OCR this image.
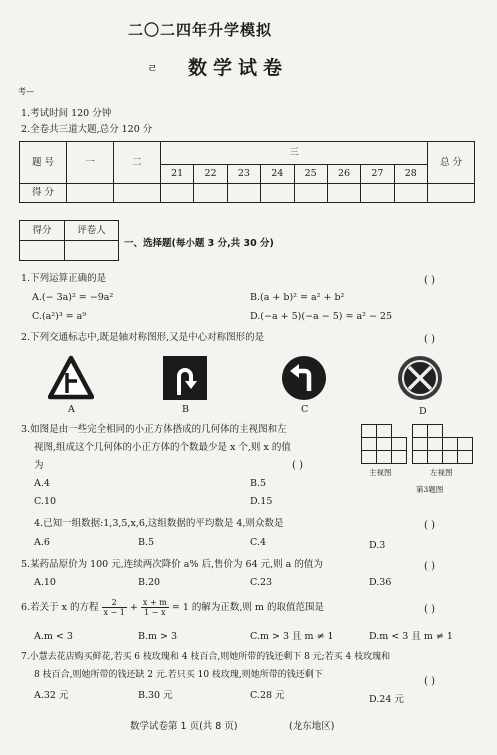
二〇二四年升学模拟
ㄹ 数学试卷
考—
1.考试时间 120 分钟
2.全卷共三道大题,总分 120 分
题 号	一	二	三								总 分
			21	22	23	24	25	26	27	28	
得 分											
得分	评卷人

一、选择题(每小题 3 分,共 30 分)
1.下列运算正确的是	( )
A.(− 3a)² = −9a²	B.(a + b)² = a² + b²
C.(a²)³ = a⁹	D.(−a + 5)(−a − 5) = a² − 25
2.下列交通标志中,既是轴对称图形,又是中心对称图形的是	( )
A	B	C	D
3.如图是由一些完全相同的小正方体搭成的几何体的主视图和左
视图,组成这个几何体的小正方体的个数最少是 x 个,则 x 的值
为	( )
A.4	B.5
C.10	D.15
主视图	左视图
第3题图
4.已知一组数据:1,3,5,x,6,这组数据的平均数是 4,则众数是	( )
A.6	B.5	C.4	D.3
5.某药品原价为 100 元,连续两次降价 a% 后,售价为 64 元,则 a 的值为	( )
A.10	B.20	C.23	D.36
6.若关于 x 的方程 $\frac{2}{x - 1} + \frac{x + m}{1 - x} = 1$ 的解为正数,则 m 的取值范围是	( )
A.m < 3	B.m > 3	C.m > 3 且 m ≠ 1	D.m < 3 且 m ≠ 1
7.小慧去花店购买鲜花,若买 6 枝玫瑰和 4 枝百合,则她所带的钱还剩下 8 元;若买 4 枝玫瑰和
8 枝百合,则她所带的钱还缺 2 元.若只买 10 枝玫瑰,则她所带的钱还剩下
( )
A.32 元	B.30 元	C.28 元	D.24 元
数学试卷第 1 页(共 8 页)	(龙东地区)
